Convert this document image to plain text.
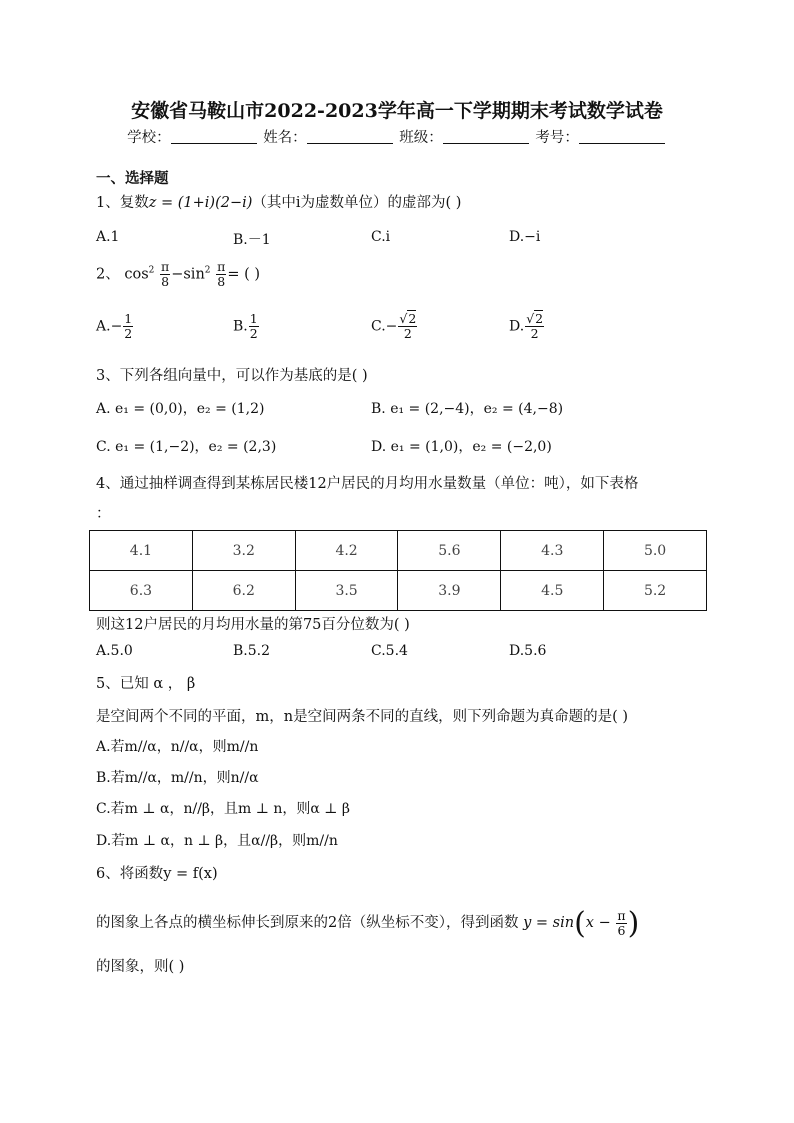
安徽省马鞍山市2022-2023学年高一下学期期末考试数学试卷
学校：	姓名：	班级：	考号：
一、选择题
1、复数z = (1+i)(2−i)（其中i为虚数单位）的虚部为( )
A.1	B.－1	C.i	D.−i
2、 $\cos^2 \frac{\pi}{8} -\sin^2 \frac{\pi}{8}$ = ( )
$A.- \frac{1}{2}$	B. $\frac{1}{2}$	$C.- \frac{√2}{2}$	D. $\frac{√2}{2}$
3、下列各组向量中，可以作为基底的是( )
A. e₁ = (0,0)，e₂ = (1,2)	B. e₁ = (2,−4)，e₂ = (4,−8)
C. e₁ = (1,−2)，e₂ = (2,3)	D. e₁ = (1,0)，e₂ = (−2,0)
4、通过抽样调查得到某栋居民楼12户居民的月均用水量数量（单位：吨），如下表格
：
4.1	3.2	4.2	5.6	4.3	5.0
6.3	6.2	3.5	3.9	4.5	5.2
则这12户居民的月均用水量的第75百分位数为( )
A.5.0	B.5.2	C.5.4	D.5.6
5、已知 α ， β
是空间两个不同的平面，m，n是空间两条不同的直线，则下列命题为真命题的是( )
A.若m//α，n//α，则m//n
B.若m//α，m//n，则n//α
C.若m ⊥ α，n//β，且m ⊥ n，则α ⊥ β
D.若m ⊥ α，n ⊥ β，且α//β，则m//n
6、将函数y = f(x)
的图象上各点的横坐标伸长到原来的2倍（纵坐标不变），得到函数 $y = \sin(x - \frac{\pi}{6}$ )
的图象，则( )
